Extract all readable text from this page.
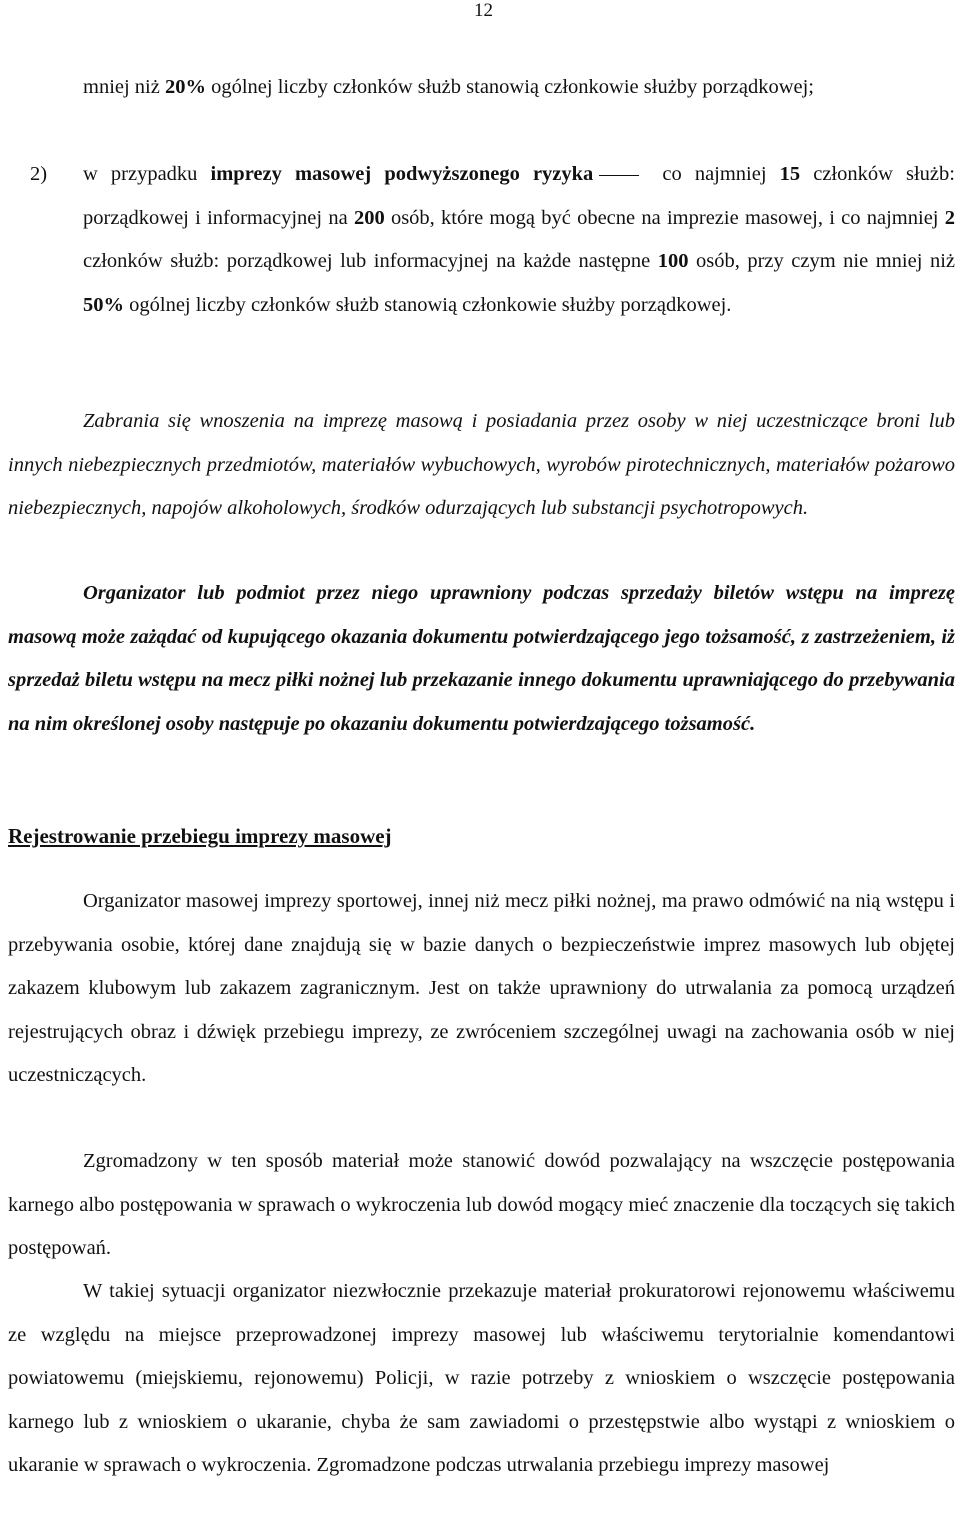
12

mniej niż 20% ogólnej liczby członków służb stanowią członkowie służby porządkowej;

2)	w przypadku imprezy masowej podwyższonego ryzyka	co najmniej 15 członków służb: porządkowej i informacyjnej na 200 osób, które mogą być obecne na imprezie masowej, i co najmniej 2 członków służb: porządkowej lub informacyjnej na każde następne 100 osób, przy czym nie mniej niż 50% ogólnej liczby członków służb stanowią członkowie służby porządkowej.

Zabrania się wnoszenia na imprezę masową i posiadania przez osoby w niej uczestniczące broni lub innych niebezpiecznych przedmiotów, materiałów wybuchowych, wyrobów pirotechnicznych, materiałów pożarowo niebezpiecznych, napojów alkoholowych, środków odurzających lub substancji psychotropowych.

Organizator lub podmiot przez niego uprawniony podczas sprzedaży biletów wstępu na imprezę masową może zażądać od kupującego okazania dokumentu potwierdzającego jego tożsamość, z zastrzeżeniem, iż sprzedaż biletu wstępu na mecz piłki nożnej lub przekazanie innego dokumentu uprawniającego do przebywania na nim określonej osoby następuje po okazaniu dokumentu potwierdzającego tożsamość.

Rejestrowanie przebiegu imprezy masowej

Organizator masowej imprezy sportowej, innej niż mecz piłki nożnej, ma prawo odmówić na nią wstępu i przebywania osobie, której dane znajdują się w bazie danych o bezpieczeństwie imprez masowych lub objętej zakazem klubowym lub zakazem zagranicznym. Jest on także uprawniony do utrwalania za pomocą urządzeń rejestrujących obraz i dźwięk przebiegu imprezy, ze zwróceniem szczególnej uwagi na zachowania osób w niej uczestniczących.

Zgromadzony w ten sposób materiał może stanowić dowód pozwalający na wszczęcie postępowania karnego albo postępowania w sprawach o wykroczenia lub dowód mogący mieć znaczenie dla toczących się takich postępowań.

W takiej sytuacji organizator niezwłocznie przekazuje materiał prokuratorowi rejonowemu właściwemu ze względu na miejsce przeprowadzonej imprezy masowej lub właściwemu terytorialnie komendantowi powiatowemu (miejskiemu, rejonowemu) Policji, w razie potrzeby z wnioskiem o wszczęcie postępowania karnego lub z wnioskiem o ukaranie, chyba że sam zawiadomi o przestępstwie albo wystąpi z wnioskiem o ukaranie w sprawach o wykroczenia. Zgromadzone podczas utrwalania przebiegu imprezy masowej
